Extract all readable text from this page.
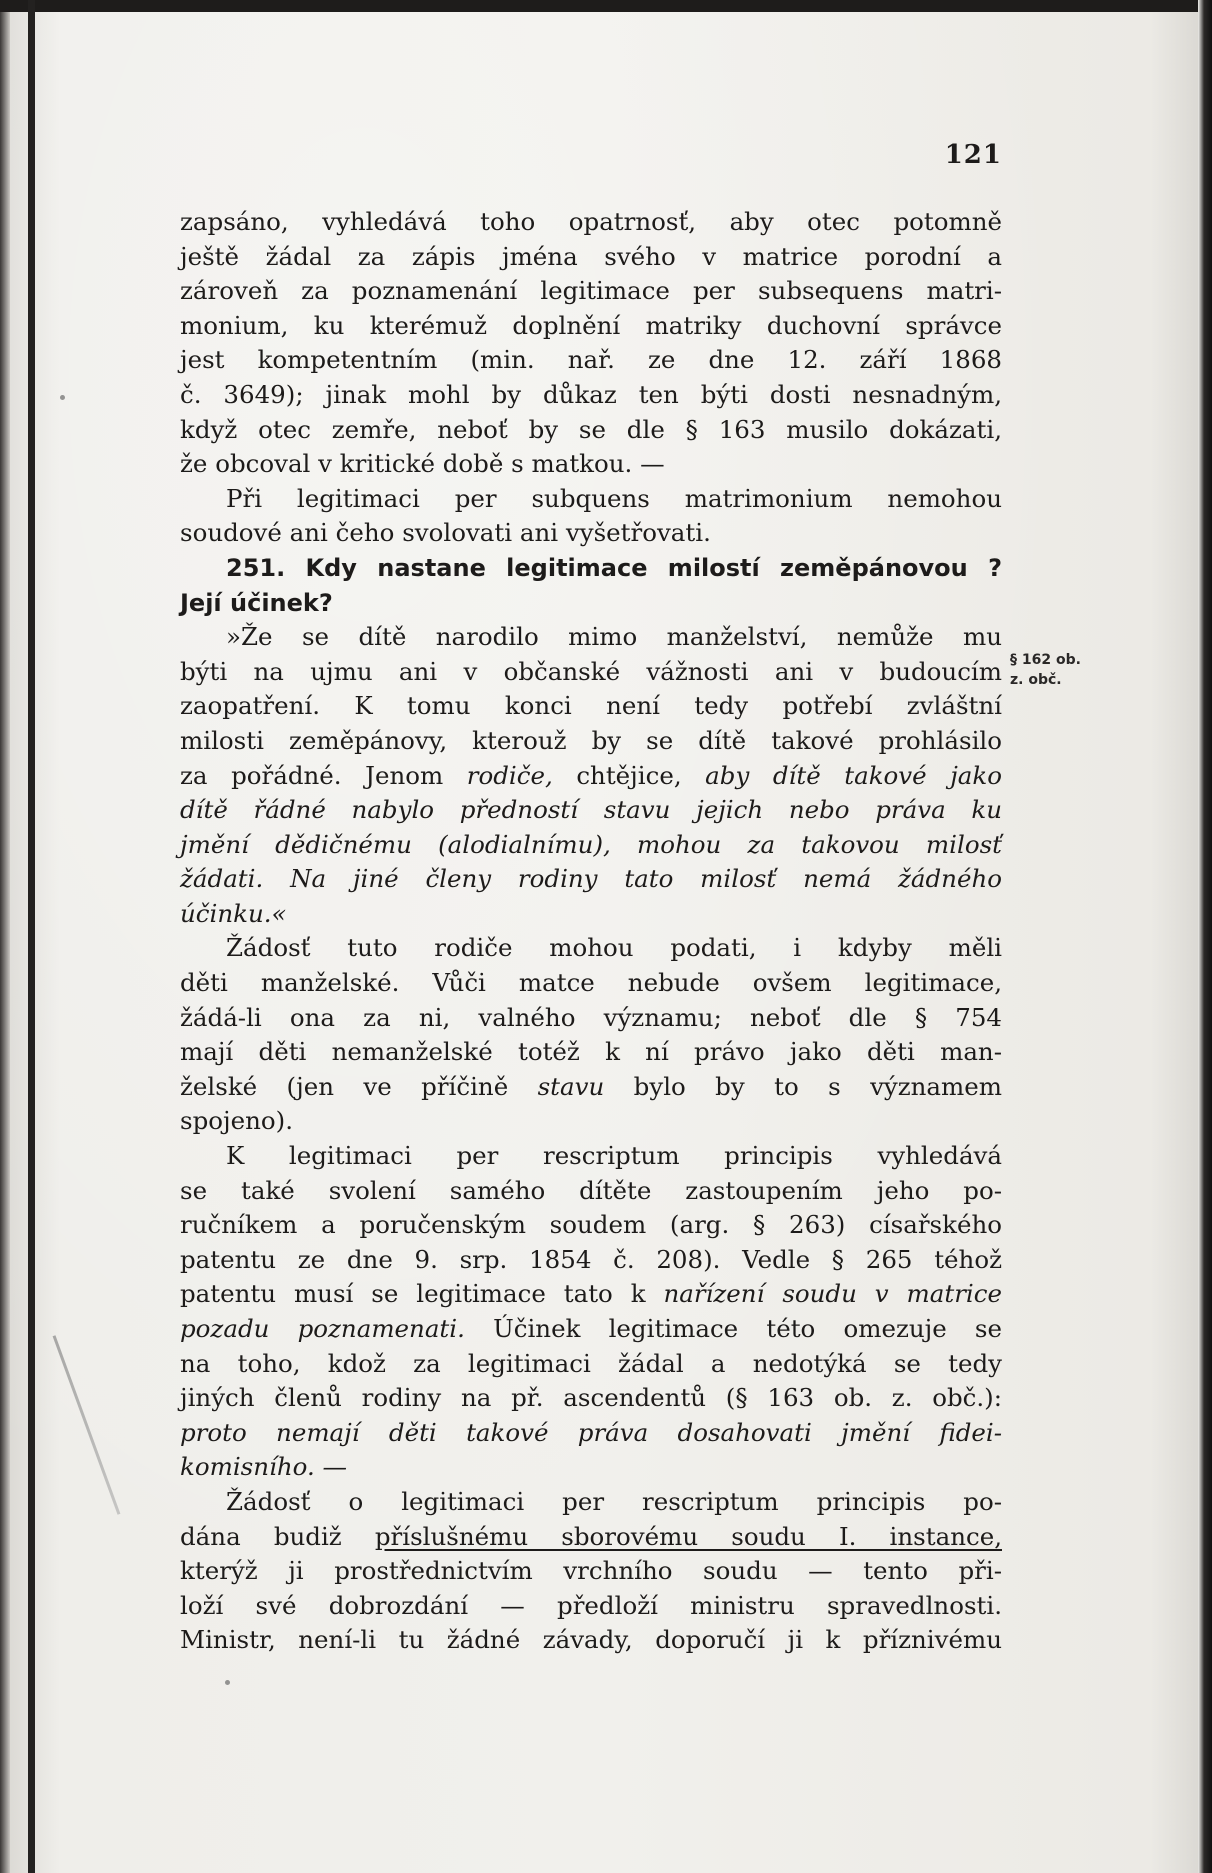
121
zapsáno, vyhledává toho opatrnosť, aby otec potomně
ještě žádal za zápis jména svého v matrice porodní a
zároveň za poznamenání legitimace per subsequens matri-
monium, ku kterémuž doplnění matriky duchovní správce
jest kompetentním (min. nař. ze dne 12. září 1868
č. 3649); jinak mohl by důkaz ten býti dosti nesnadným,
když otec zemře, neboť by se dle § 163 musilo dokázati,
že obcoval v kritické době s matkou. —
Při legitimaci per subquens matrimonium nemohou
soudové ani čeho svolovati ani vyšetřovati.
251. Kdy nastane legitimace milostí zeměpánovou ?
Její účinek?
»Že se dítě narodilo mimo manželství, nemůže mu
býti na ujmu ani v občanské vážnosti ani v budoucím
zaopatření. K tomu konci není tedy potřebí zvláštní
milosti zeměpánovy, kterouž by se dítě takové prohlásilo
za pořádné. Jenom rodiče, chtějice, aby dítě takové jako
dítě řádné nabylo předností stavu jejich nebo práva ku
jmění dědičnému (alodialnímu), mohou za takovou milosť
žádati. Na jiné členy rodiny tato milosť nemá žádného
účinku.«
Žádosť tuto rodiče mohou podati, i kdyby měli
děti manželské. Vůči matce nebude ovšem legitimace,
žádá-li ona za ni, valného významu; neboť dle § 754
mají děti nemanželské totéž k ní právo jako děti man-
želské (jen ve příčině stavu bylo by to s významem
spojeno).
K legitimaci per rescriptum principis vyhledává
se také svolení samého dítěte zastoupením jeho po-
ručníkem a poručenským soudem (arg. § 263) císařského
patentu ze dne 9. srp. 1854 č. 208). Vedle § 265 téhož
patentu musí se legitimace tato k nařízení soudu v matrice
pozadu poznamenati. Účinek legitimace této omezuje se
na toho, kdož za legitimaci žádal a nedotýká se tedy
jiných členů rodiny na př. ascendentů (§ 163 ob. z. obč.):
proto nemají děti takové práva dosahovati jmění fidei-
komisního. —
Žádosť o legitimaci per rescriptum principis po-
dána budiž příslušnému sborovému soudu I. instance,
kterýž ji prostřednictvím vrchního soudu — tento při-
loží své dobrozdání — předloží ministru spravedlnosti.
Ministr, není-li tu žádné závady, doporučí ji k příznivému
§ 162 ob.
z. obč.
